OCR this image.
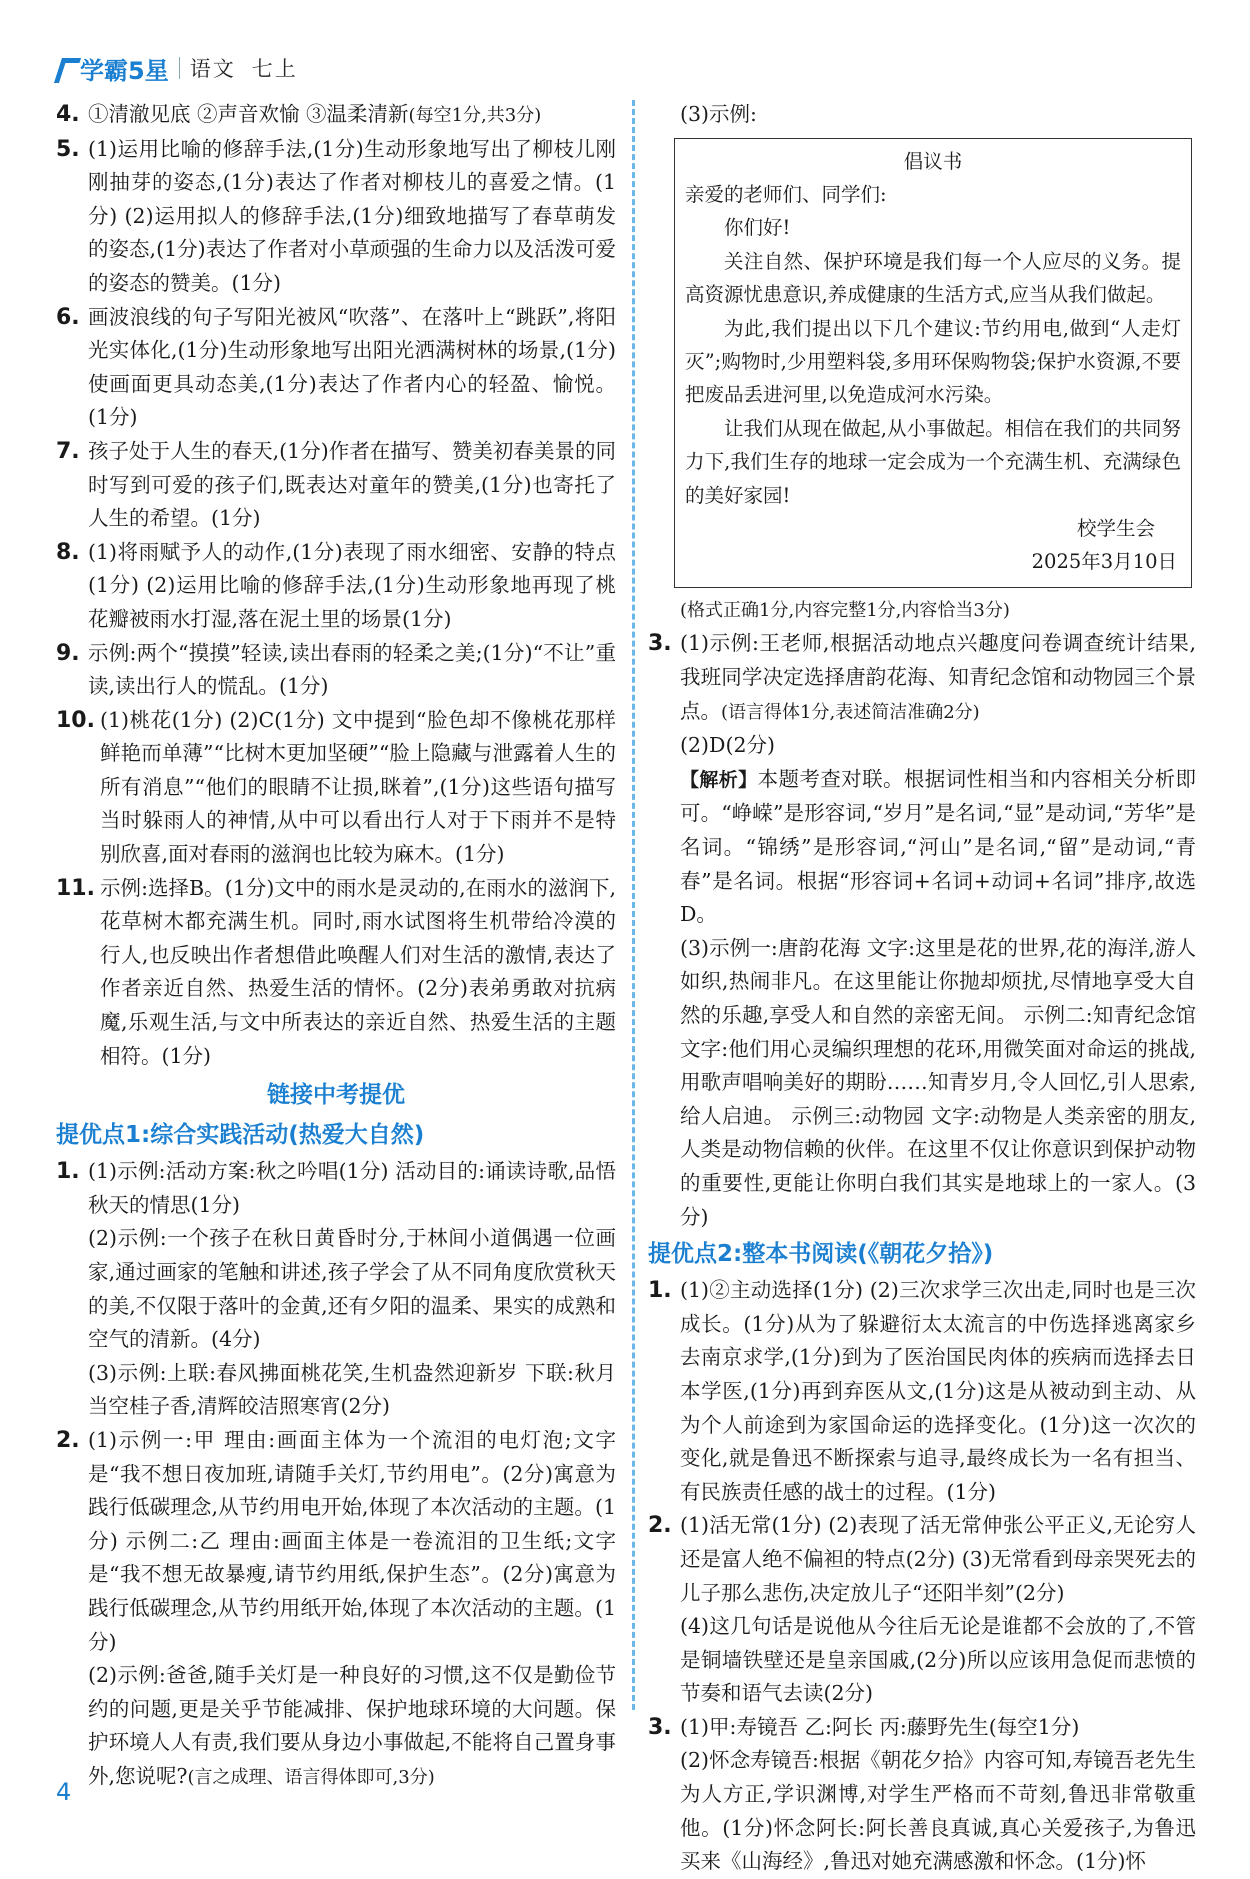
学霸5星 语文 七上
4. ①清澈见底 ②声音欢愉 ③温柔清新(每空1分,共3分)
5. (1)运用比喻的修辞手法,(1分)生动形象地写出了柳枝儿刚刚抽芽的姿态,(1分)表达了作者对柳枝儿的喜爱之情。(1分) (2)运用拟人的修辞手法,(1分)细致地描写了春草萌发的姿态,(1分)表达了作者对小草顽强的生命力以及活泼可爱的姿态的赞美。(1分)
6. 画波浪线的句子写阳光被风“吹落”、在落叶上“跳跃”,将阳光实体化,(1分)生动形象地写出阳光洒满树林的场景,(1分)使画面更具动态美,(1分)表达了作者内心的轻盈、愉悦。(1分)
7. 孩子处于人生的春天,(1分)作者在描写、赞美初春美景的同时写到可爱的孩子们,既表达对童年的赞美,(1分)也寄托了人生的希望。(1分)
8. (1)将雨赋予人的动作,(1分)表现了雨水细密、安静的特点(1分) (2)运用比喻的修辞手法,(1分)生动形象地再现了桃花瓣被雨水打湿,落在泥土里的场景(1分)
9. 示例:两个“摸摸”轻读,读出春雨的轻柔之美;(1分)“不让”重读,读出行人的慌乱。(1分)
10. (1)桃花(1分) (2)C(1分) 文中提到“脸色却不像桃花那样鲜艳而单薄”“比树木更加坚硬”“脸上隐藏与泄露着人生的所有消息”“他们的眼睛不让损,眯着”,(1分)这些语句描写当时躲雨人的神情,从中可以看出行人对于下雨并不是特别欣喜,面对春雨的滋润也比较为麻木。(1分)
11. 示例:选择B。(1分)文中的雨水是灵动的,在雨水的滋润下,花草树木都充满生机。同时,雨水试图将生机带给冷漠的行人,也反映出作者想借此唤醒人们对生活的激情,表达了作者亲近自然、热爱生活的情怀。(2分)表弟勇敢对抗病魔,乐观生活,与文中所表达的亲近自然、热爱生活的主题相符。(1分)
链接中考提优
提优点1:综合实践活动(热爱大自然)
1. (1)示例:活动方案:秋之吟唱(1分) 活动目的:诵读诗歌,品悟秋天的情思(1分)
(2)示例:一个孩子在秋日黄昏时分,于林间小道偶遇一位画家,通过画家的笔触和讲述,孩子学会了从不同角度欣赏秋天的美,不仅限于落叶的金黄,还有夕阳的温柔、果实的成熟和空气的清新。(4分)
(3)示例:上联:春风拂面桃花笑,生机盎然迎新岁 下联:秋月当空桂子香,清辉皎洁照寒宵(2分)
2. (1)示例一:甲 理由:画面主体为一个流泪的电灯泡;文字是“我不想日夜加班,请随手关灯,节约用电”。(2分)寓意为践行低碳理念,从节约用电开始,体现了本次活动的主题。(1分) 示例二:乙 理由:画面主体是一卷流泪的卫生纸;文字是“我不想无故暴瘦,请节约用纸,保护生态”。(2分)寓意为践行低碳理念,从节约用纸开始,体现了本次活动的主题。(1分)
(2)示例:爸爸,随手关灯是一种良好的习惯,这不仅是勤俭节约的问题,更是关乎节能减排、保护地球环境的大问题。保护环境人人有责,我们要从身边小事做起,不能将自己置身事外,您说呢?(言之成理、语言得体即可,3分)
(3)示例:
倡议书
亲爱的老师们、同学们:
你们好!
关注自然、保护环境是我们每一个人应尽的义务。提高资源忧患意识,养成健康的生活方式,应当从我们做起。
为此,我们提出以下几个建议:节约用电,做到“人走灯灭”;购物时,少用塑料袋,多用环保购物袋;保护水资源,不要把废品丢进河里,以免造成河水污染。
让我们从现在做起,从小事做起。相信在我们的共同努力下,我们生存的地球一定会成为一个充满生机、充满绿色的美好家园!
校学生会
2025年3月10日
(格式正确1分,内容完整1分,内容恰当3分)
3. (1)示例:王老师,根据活动地点兴趣度问卷调查统计结果,我班同学决定选择唐韵花海、知青纪念馆和动物园三个景点。(语言得体1分,表述简洁准确2分)
(2)D(2分)
【解析】本题考查对联。根据词性相当和内容相关分析即可。“峥嵘”是形容词,“岁月”是名词,“显”是动词,“芳华”是名词。“锦绣”是形容词,“河山”是名词,“留”是动词,“青春”是名词。根据“形容词+名词+动词+名词”排序,故选D。
(3)示例一:唐韵花海 文字:这里是花的世界,花的海洋,游人如织,热闹非凡。在这里能让你抛却烦扰,尽情地享受大自然的乐趣,享受人和自然的亲密无间。 示例二:知青纪念馆 文字:他们用心灵编织理想的花环,用微笑面对命运的挑战,用歌声唱响美好的期盼……知青岁月,令人回忆,引人思索,给人启迪。 示例三:动物园 文字:动物是人类亲密的朋友,人类是动物信赖的伙伴。在这里不仅让你意识到保护动物的重要性,更能让你明白我们其实是地球上的一家人。(3分)
提优点2:整本书阅读(《朝花夕拾》)
1. (1)②主动选择(1分) (2)三次求学三次出走,同时也是三次成长。(1分)从为了躲避衍太太流言的中伤选择逃离家乡去南京求学,(1分)到为了医治国民肉体的疾病而选择去日本学医,(1分)再到弃医从文,(1分)这是从被动到主动、从为个人前途到为家国命运的选择变化。(1分)这一次次的变化,就是鲁迅不断探索与追寻,最终成长为一名有担当、有民族责任感的战士的过程。(1分)
2. (1)活无常(1分) (2)表现了活无常伸张公平正义,无论穷人还是富人绝不偏袒的特点(2分) (3)无常看到母亲哭死去的儿子那么悲伤,决定放儿子“还阳半刻”(2分)
(4)这几句话是说他从今往后无论是谁都不会放的了,不管是铜墙铁壁还是皇亲国戚,(2分)所以应该用急促而悲愤的节奏和语气去读(2分)
3. (1)甲:寿镜吾 乙:阿长 丙:藤野先生(每空1分)
(2)怀念寿镜吾:根据《朝花夕拾》内容可知,寿镜吾老先生为人方正,学识渊博,对学生严格而不苛刻,鲁迅非常敬重他。(1分)怀念阿长:阿长善良真诚,真心关爱孩子,为鲁迅买来《山海经》,鲁迅对她充满感激和怀念。(1分)怀
4
